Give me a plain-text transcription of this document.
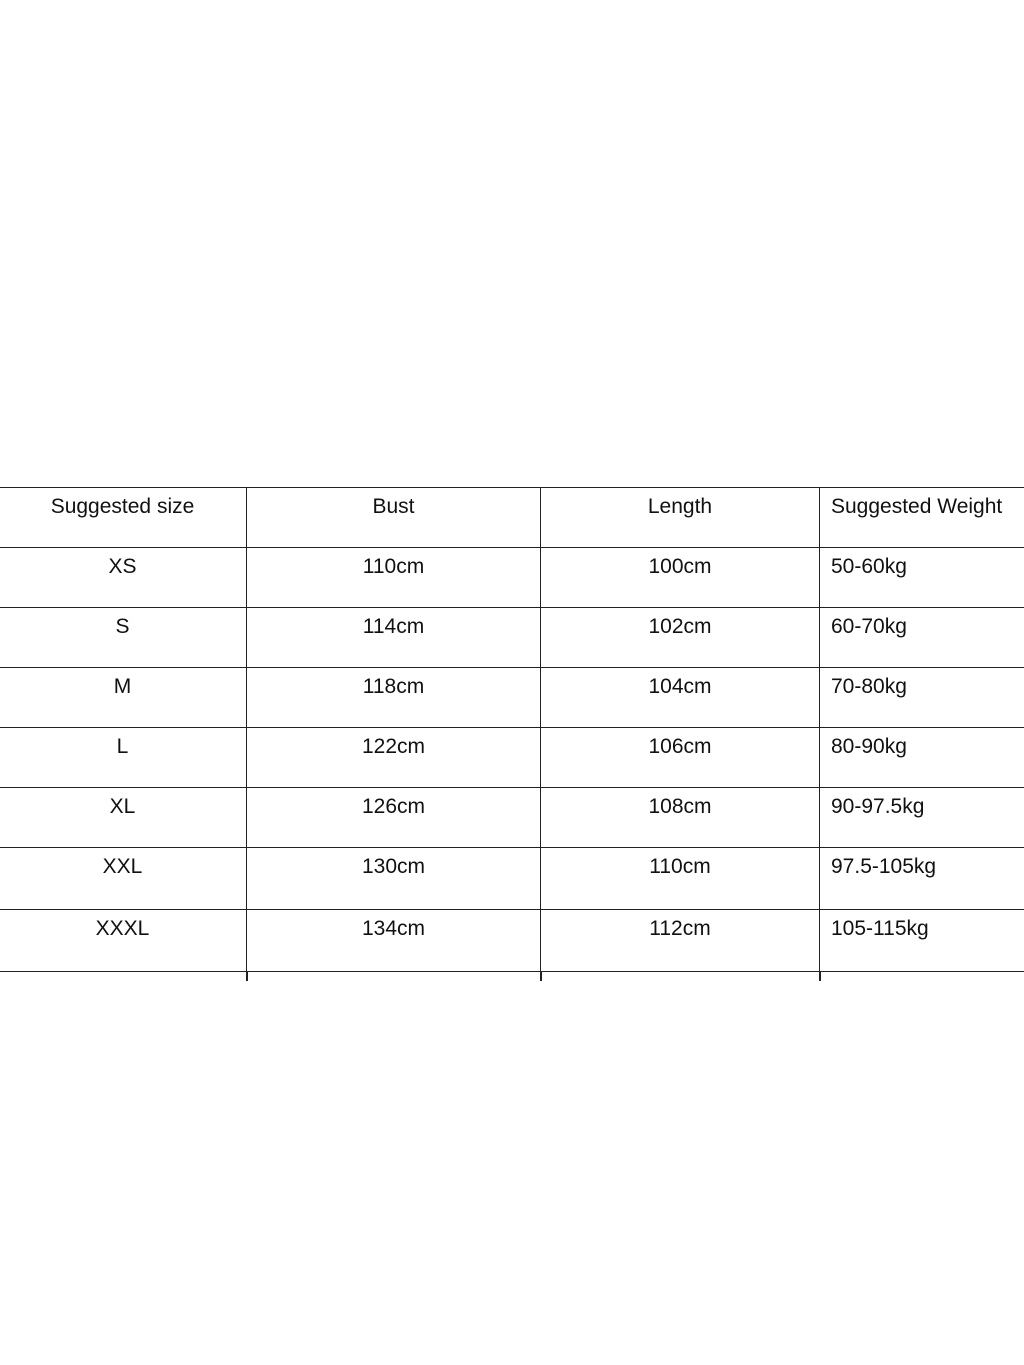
Suggested size	Bust	Length	Suggested Weight
XS	110cm	100cm	50-60kg
S	114cm	102cm	60-70kg
M	118cm	104cm	70-80kg
L	122cm	106cm	80-90kg
XL	126cm	108cm	90-97.5kg
XXL	130cm	110cm	97.5-105kg
XXXL	134cm	112cm	105-115kg
